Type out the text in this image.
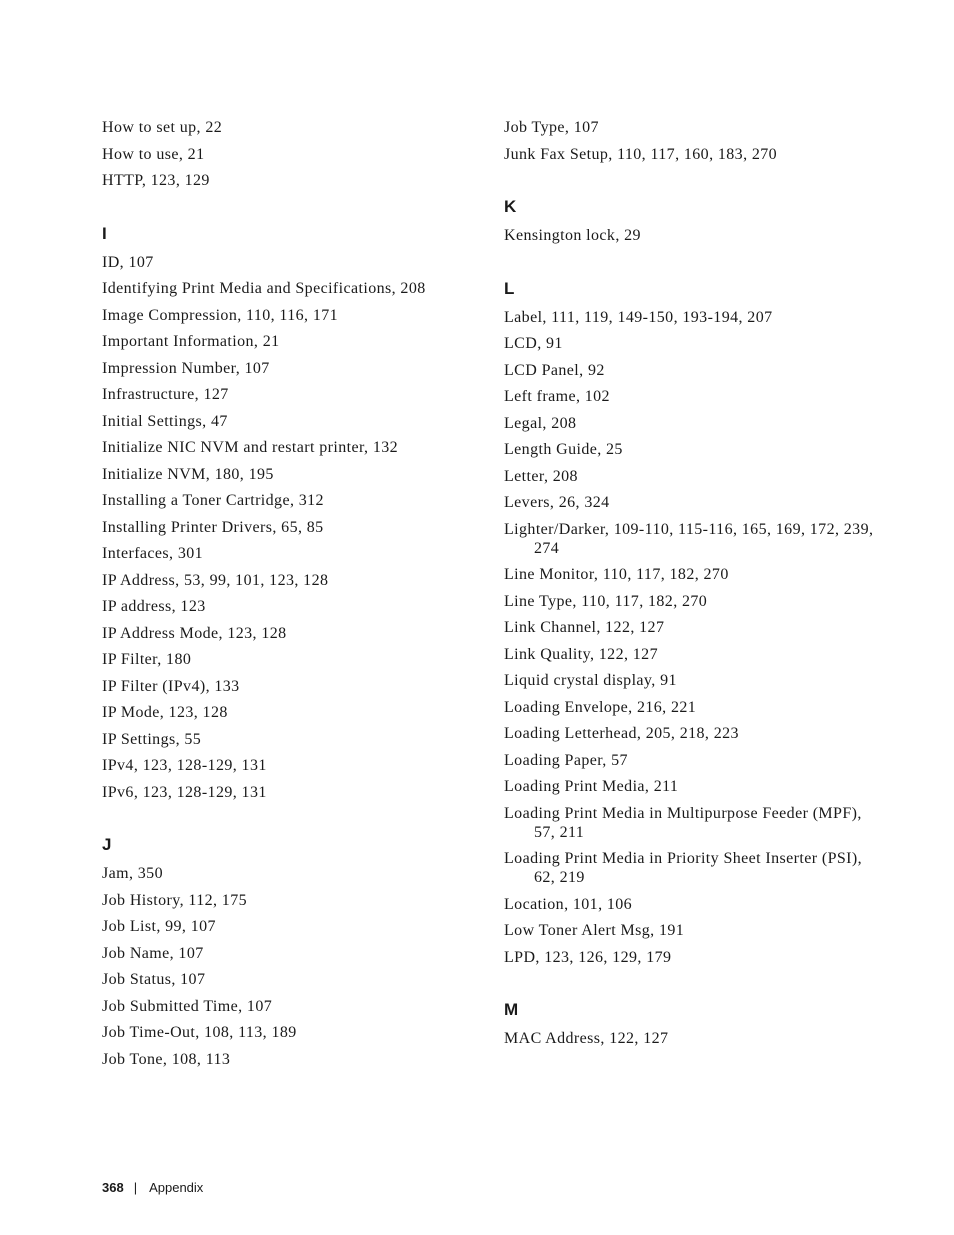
How to set up, 22
How to use, 21
HTTP, 123, 129
I
ID, 107
Identifying Print Media and Specifications, 208
Image Compression, 110, 116, 171
Important Information, 21
Impression Number, 107
Infrastructure, 127
Initial Settings, 47
Initialize NIC NVM and restart printer, 132
Initialize NVM, 180, 195
Installing a Toner Cartridge, 312
Installing Printer Drivers, 65, 85
Interfaces, 301
IP Address, 53, 99, 101, 123, 128
IP address, 123
IP Address Mode, 123, 128
IP Filter, 180
IP Filter (IPv4), 133
IP Mode, 123, 128
IP Settings, 55
IPv4, 123, 128-129, 131
IPv6, 123, 128-129, 131
J
Jam, 350
Job History, 112, 175
Job List, 99, 107
Job Name, 107
Job Status, 107
Job Submitted Time, 107
Job Time-Out, 108, 113, 189
Job Tone, 108, 113
Job Type, 107
Junk Fax Setup, 110, 117, 160, 183, 270
K
Kensington lock, 29
L
Label, 111, 119, 149-150, 193-194, 207
LCD, 91
LCD Panel, 92
Left frame, 102
Legal, 208
Length Guide, 25
Letter, 208
Levers, 26, 324
Lighter/Darker, 109-110, 115-116, 165, 169, 172, 239, 274
Line Monitor, 110, 117, 182, 270
Line Type, 110, 117, 182, 270
Link Channel, 122, 127
Link Quality, 122, 127
Liquid crystal display, 91
Loading Envelope, 216, 221
Loading Letterhead, 205, 218, 223
Loading Paper, 57
Loading Print Media, 211
Loading Print Media in Multipurpose Feeder (MPF), 57, 211
Loading Print Media in Priority Sheet Inserter (PSI), 62, 219
Location, 101, 106
Low Toner Alert Msg, 191
LPD, 123, 126, 129, 179
M
MAC Address, 122, 127
368 | Appendix
